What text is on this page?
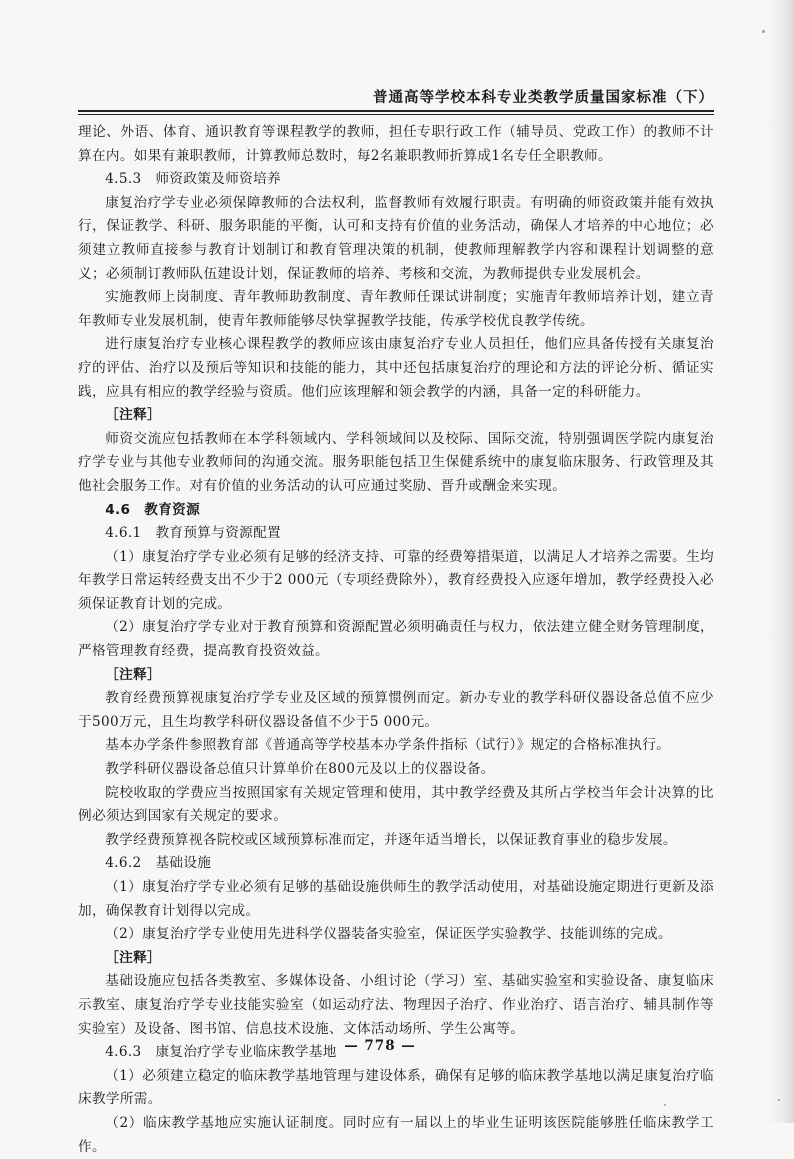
普通高等学校本科专业类教学质量国家标准（下）

理论、外语、体育、通识教育等课程教学的教师，担任专职行政工作（辅导员、党政工作）的教师不计算在内。如果有兼职教师，计算教师总数时，每2名兼职教师折算成1名专任全职教师。

4.5.3　师资政策及师资培养

康复治疗学专业必须保障教师的合法权利，监督教师有效履行职责。有明确的师资政策并能有效执行，保证教学、科研、服务职能的平衡，认可和支持有价值的业务活动，确保人才培养的中心地位；必须建立教师直接参与教育计划制订和教育管理决策的机制，使教师理解教学内容和课程计划调整的意义；必须制订教师队伍建设计划，保证教师的培养、考核和交流，为教师提供专业发展机会。

实施教师上岗制度、青年教师助教制度、青年教师任课试讲制度；实施青年教师培养计划，建立青年教师专业发展机制，使青年教师能够尽快掌握教学技能，传承学校优良教学传统。

进行康复治疗专业核心课程教学的教师应该由康复治疗专业人员担任，他们应具备传授有关康复治疗的评估、治疗以及预后等知识和技能的能力，其中还包括康复治疗的理论和方法的评论分析、循证实践，应具有相应的教学经验与资质。他们应该理解和领会教学的内涵，具备一定的科研能力。

［注释］

师资交流应包括教师在本学科领域内、学科领域间以及校际、国际交流，特别强调医学院内康复治疗学专业与其他专业教师间的沟通交流。服务职能包括卫生保健系统中的康复临床服务、行政管理及其他社会服务工作。对有价值的业务活动的认可应通过奖励、晋升或酬金来实现。

4.6　教育资源

4.6.1　教育预算与资源配置

（1）康复治疗学专业必须有足够的经济支持、可靠的经费筹措渠道，以满足人才培养之需要。生均年教学日常运转经费支出不少于2 000元（专项经费除外），教育经费投入应逐年增加，教学经费投入必须保证教育计划的完成。

（2）康复治疗学专业对于教育预算和资源配置必须明确责任与权力，依法建立健全财务管理制度，严格管理教育经费，提高教育投资效益。

［注释］

教育经费预算视康复治疗学专业及区域的预算惯例而定。新办专业的教学科研仪器设备总值不应少于500万元，且生均教学科研仪器设备值不少于5 000元。

基本办学条件参照教育部《普通高等学校基本办学条件指标（试行）》规定的合格标准执行。

教学科研仪器设备总值只计算单价在800元及以上的仪器设备。

院校收取的学费应当按照国家有关规定管理和使用，其中教学经费及其所占学校当年会计决算的比例必须达到国家有关规定的要求。

教学经费预算视各院校或区域预算标准而定，并逐年适当增长，以保证教育事业的稳步发展。

4.6.2　基础设施

（1）康复治疗学专业必须有足够的基础设施供师生的教学活动使用，对基础设施定期进行更新及添加，确保教育计划得以完成。

（2）康复治疗学专业使用先进科学仪器装备实验室，保证医学实验教学、技能训练的完成。

［注释］

基础设施应包括各类教室、多媒体设备、小组讨论（学习）室、基础实验室和实验设备、康复临床示教室、康复治疗学专业技能实验室（如运动疗法、物理因子治疗、作业治疗、语言治疗、辅具制作等实验室）及设备、图书馆、信息技术设施、文体活动场所、学生公寓等。

4.6.3　康复治疗学专业临床教学基地

（1）必须建立稳定的临床教学基地管理与建设体系，确保有足够的临床教学基地以满足康复治疗临床教学所需。

（2）临床教学基地应实施认证制度。同时应有一届以上的毕业生证明该医院能够胜任临床教学工作。

— 778 —
